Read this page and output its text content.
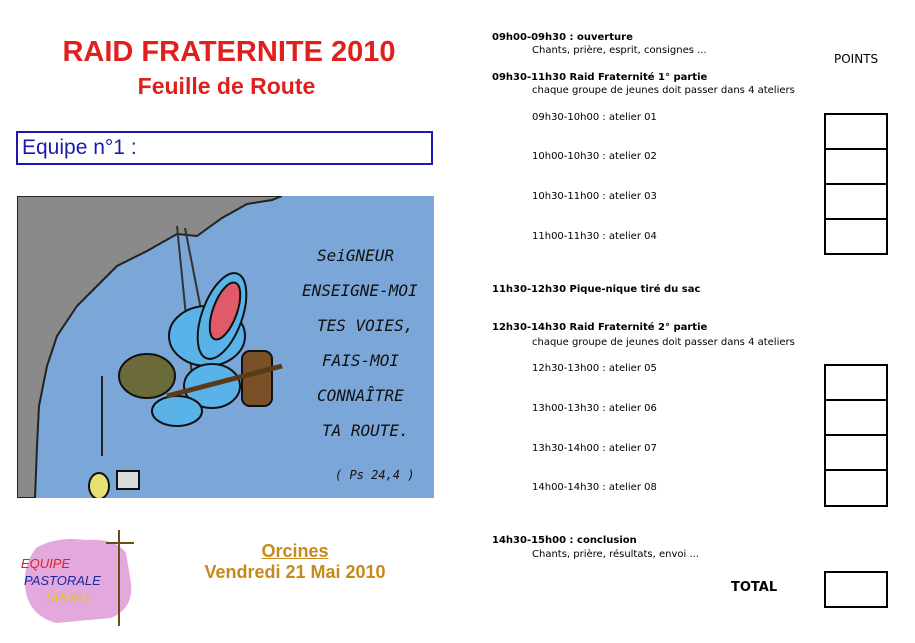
RAID FRATERNITE 2010
Feuille de Route
Equipe n°1 :
SeiGNEUR
ENSEIGNE-MOI
TES VOIES,
FAIS-MOI
CONNAÎTRE
TA ROUTE.
( Ps 24,4 )
EQUIPE
PASTORALE
SPORT
Orcines
Vendredi 21 Mai 2010
09h00-09h30 : ouverture
Chants, prière, esprit, consignes ...
09h30-11h30 Raid Fraternité 1° partie
chaque groupe de jeunes doit passer dans 4 ateliers
09h30-10h00 : atelier 01
10h00-10h30 : atelier 02
10h30-11h00 : atelier 03
11h00-11h30 : atelier 04
11h30-12h30 Pique-nique tiré du sac
12h30-14h30 Raid Fraternité 2° partie
chaque groupe de jeunes doit passer dans 4 ateliers
12h30-13h00 : atelier 05
13h00-13h30 : atelier 06
13h30-14h00 : atelier 07
14h00-14h30 : atelier 08
14h30-15h00 : conclusion
Chants, prière, résultats, envoi ...
POINTS
TOTAL
